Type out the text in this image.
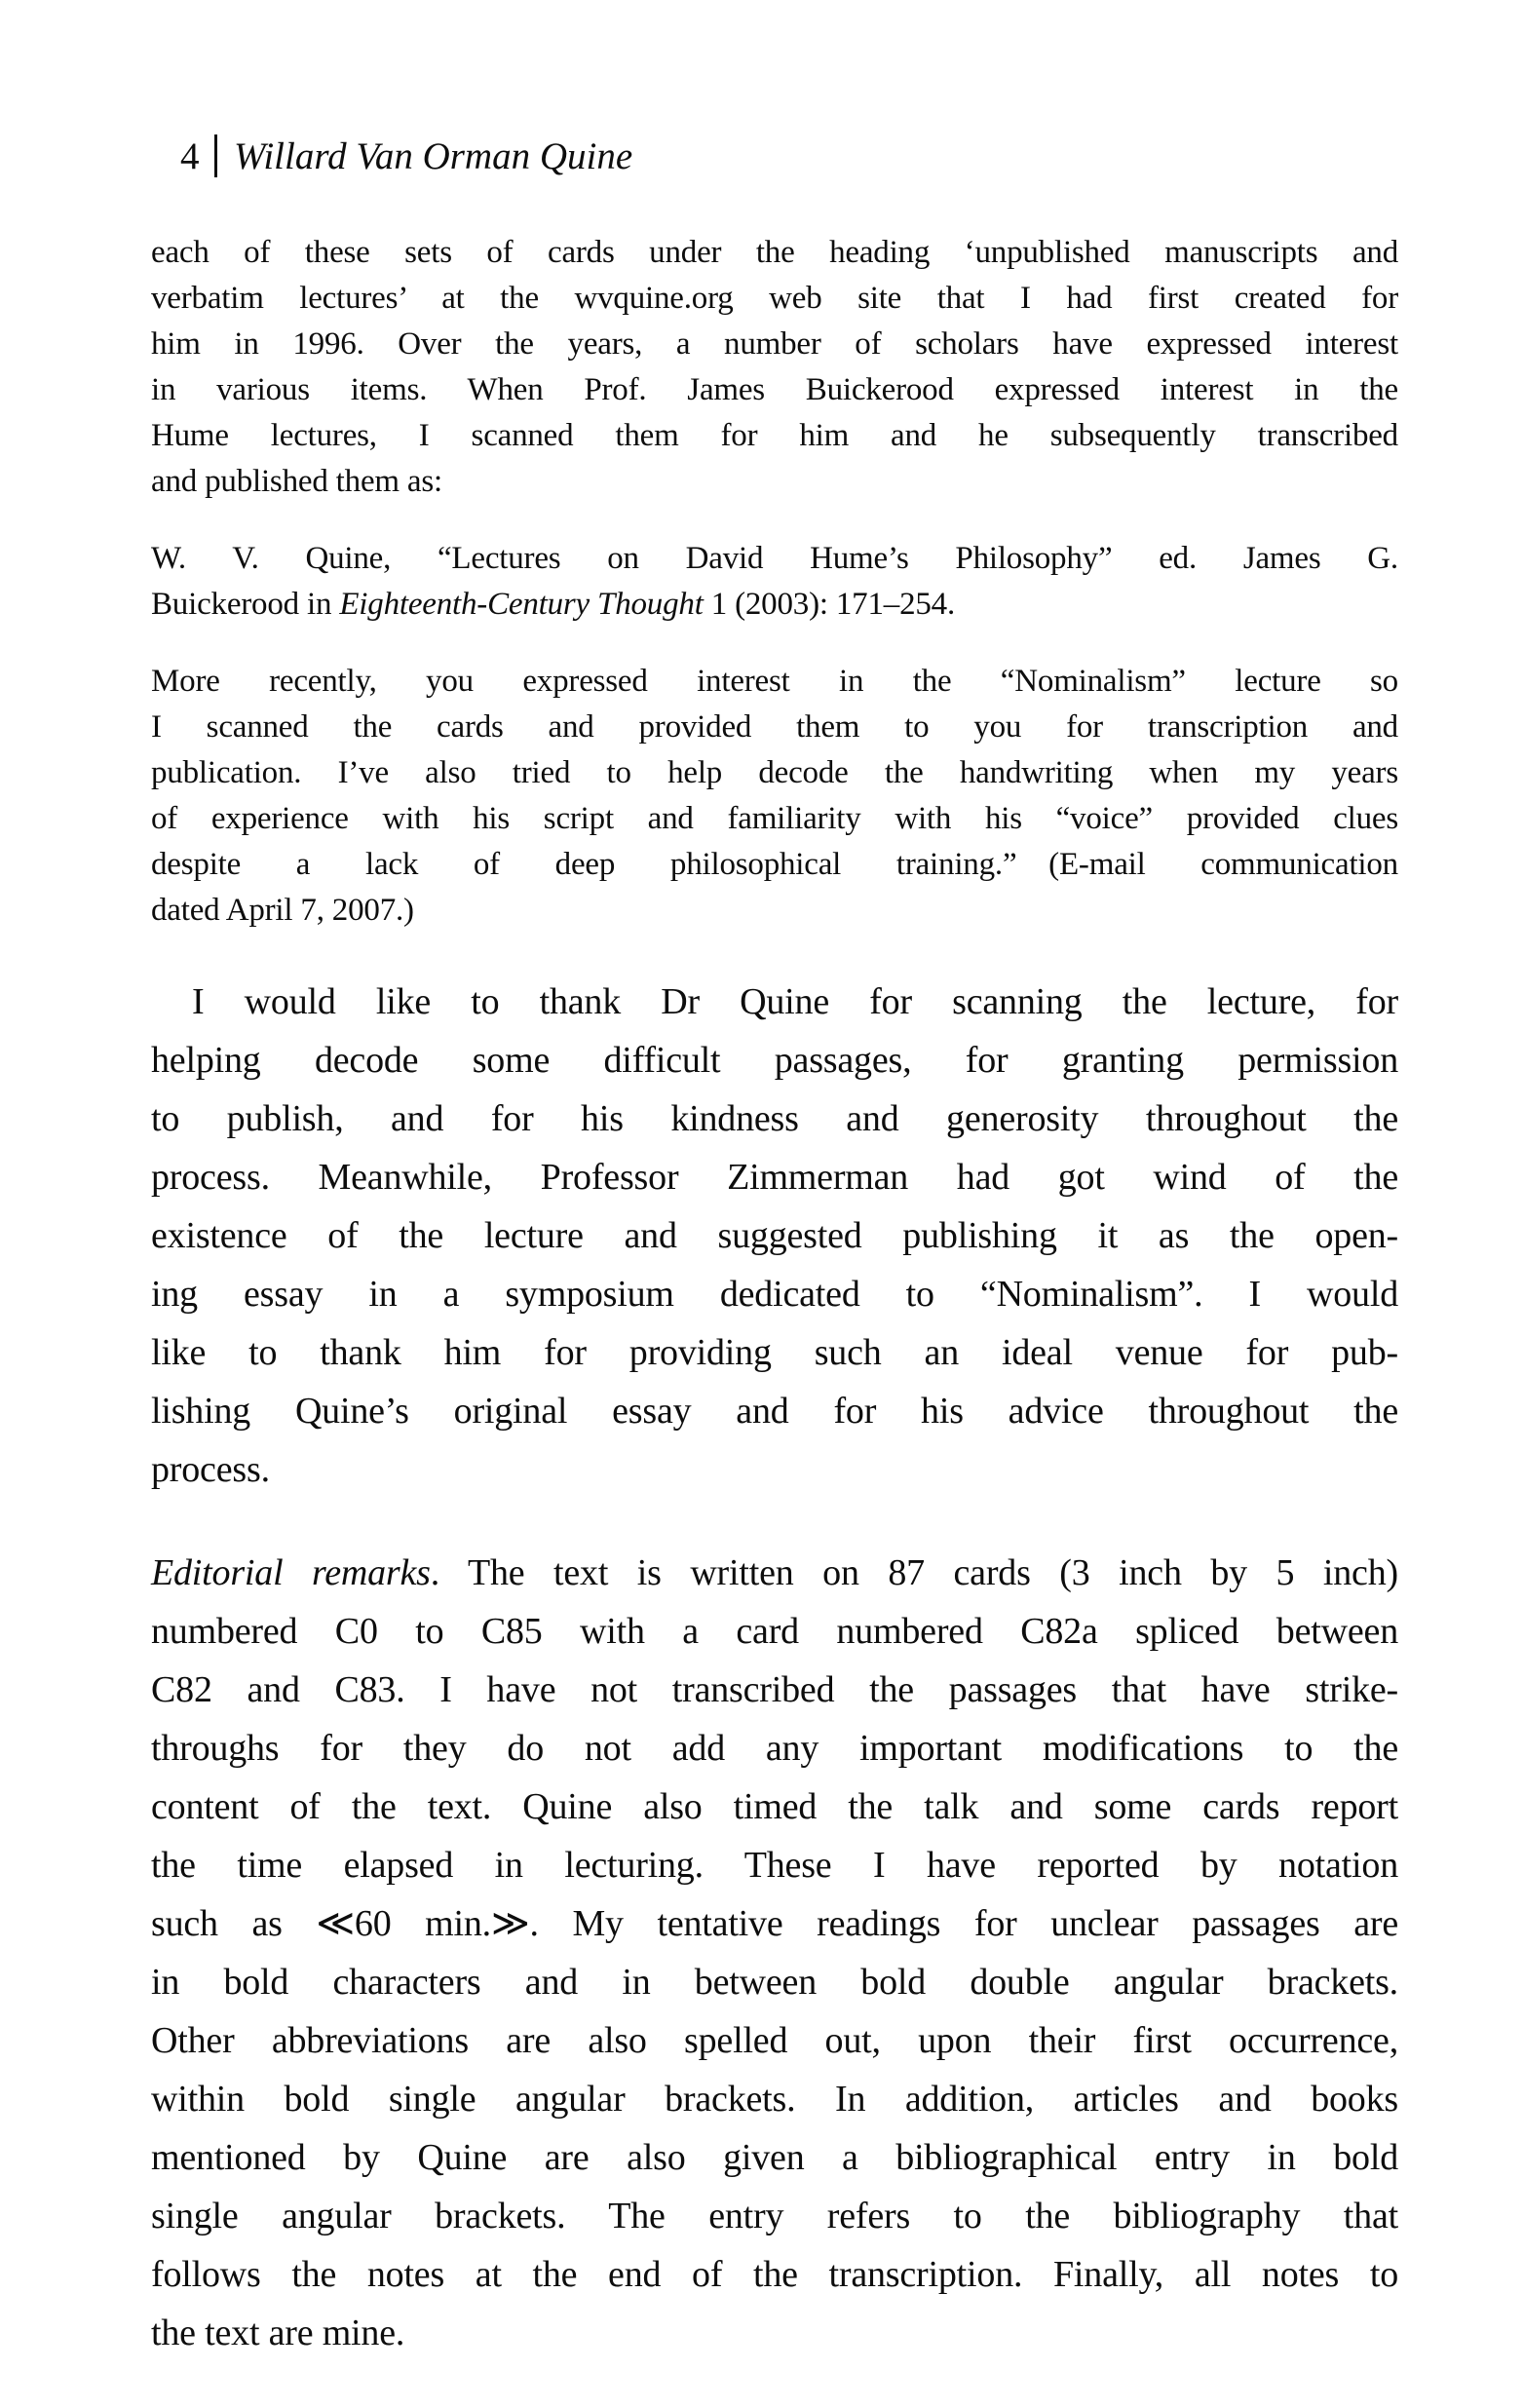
4 Willard Van Orman Quine
each of these sets of cards under the heading ‘unpublished manuscripts and
verbatim lectures’ at the wvquine.org web site that I had first created for
him in 1996. Over the years, a number of scholars have expressed interest
in various items. When Prof. James Buickerood expressed interest in the
Hume lectures, I scanned them for him and he subsequently transcribed
and published them as:
W. V. Quine, “Lectures on David Hume’s Philosophy” ed. James G.
Buickerood in Eighteenth-Century Thought 1 (2003): 171–254.
More recently, you expressed interest in the “Nominalism” lecture so
I scanned the cards and provided them to you for transcription and
publication. I’ve also tried to help decode the handwriting when my years
of experience with his script and familiarity with his “voice” provided clues
despite a lack of deep philosophical training.” (E-mail communication
dated April 7, 2007.)
I would like to thank Dr Quine for scanning the lecture, for
helping decode some difficult passages, for granting permission
to publish, and for his kindness and generosity throughout the
process. Meanwhile, Professor Zimmerman had got wind of the
existence of the lecture and suggested publishing it as the open-
ing essay in a symposium dedicated to “Nominalism”. I would
like to thank him for providing such an ideal venue for pub-
lishing Quine’s original essay and for his advice throughout the
process.
Editorial remarks. The text is written on 87 cards (3 inch by 5 inch)
numbered C0 to C85 with a card numbered C82a spliced between
C82 and C83. I have not transcribed the passages that have strike-
throughs for they do not add any important modifications to the
content of the text. Quine also timed the talk and some cards report
the time elapsed in lecturing. These I have reported by notation
such as ≪60 min.≫. My tentative readings for unclear passages are
in bold characters and in between bold double angular brackets.
Other abbreviations are also spelled out, upon their first occurrence,
within bold single angular brackets. In addition, articles and books
mentioned by Quine are also given a bibliographical entry in bold
single angular brackets. The entry refers to the bibliography that
follows the notes at the end of the transcription. Finally, all notes to
the text are mine.
